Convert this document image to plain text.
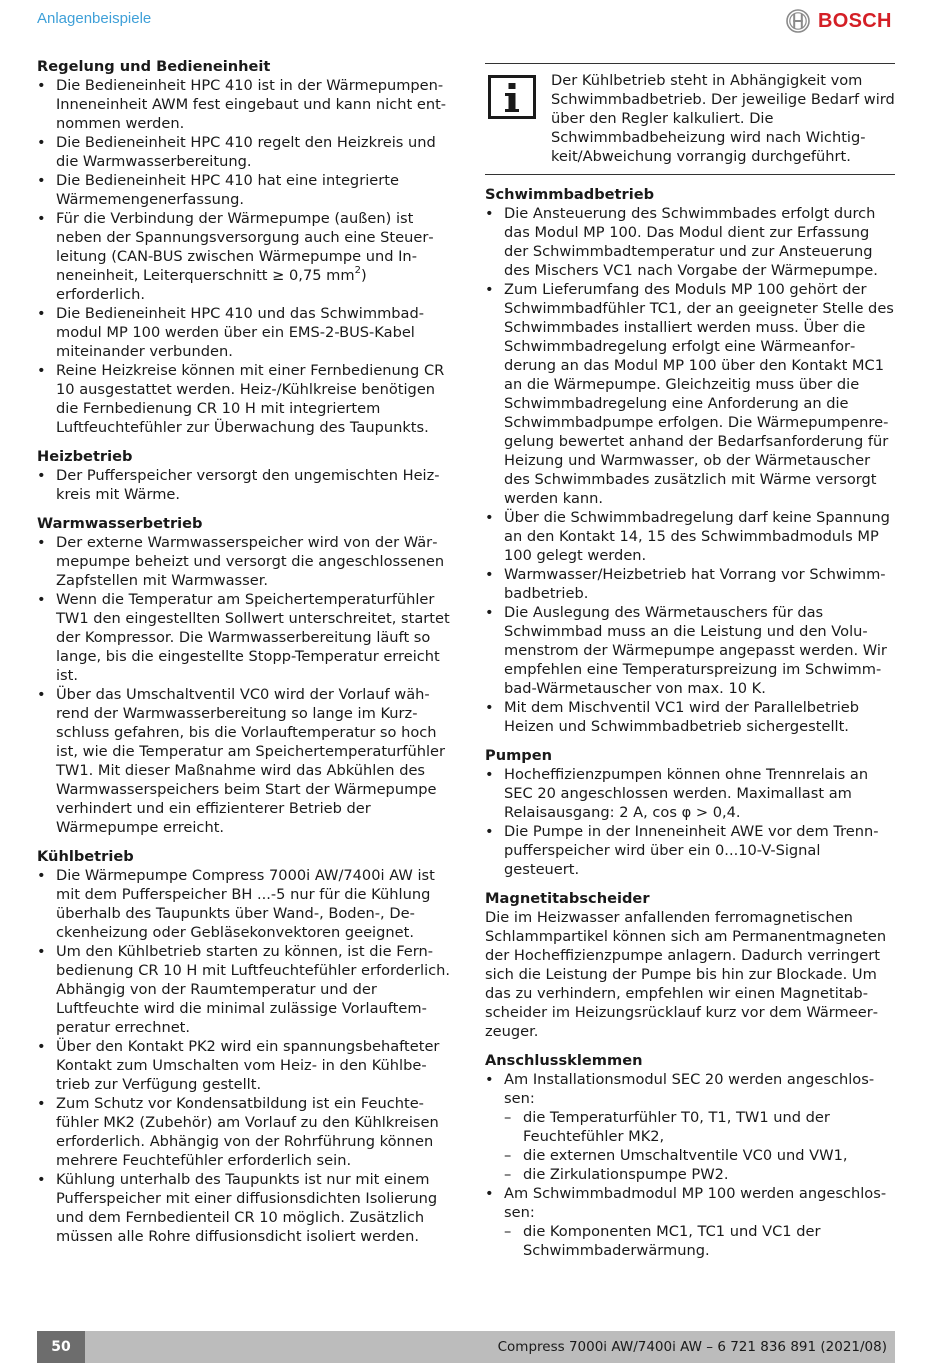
Anlagenbeispiele	BOSCH
Regelung und Bedieneinheit
• Die Bedieneinheit HPC 410 ist in der Wärmepumpen-Inneneinheit AWM fest eingebaut und kann nicht entnommen werden.
• Die Bedieneinheit HPC 410 regelt den Heizkreis und die Warmwasserbereitung.
• Die Bedieneinheit HPC 410 hat eine integrierte Wärmemengenerfassung.
• Für die Verbindung der Wärmepumpe (außen) ist neben der Spannungsversorgung auch eine Steuerleitung (CAN-BUS zwischen Wärmepumpe und Inneneinheit, Leiterquerschnitt ≥ 0,75 $mm^2$) erforderlich.
• Die Bedieneinheit HPC 410 und das Schwimmbadmodul MP 100 werden über ein EMS-2-BUS-Kabel miteinander verbunden.
• Reine Heizkreise können mit einer Fernbedienung CR 10 ausgestattet werden. Heiz-/Kühlkreise benötigen die Fernbedienung CR 10 H mit integriertem Luftfeuchtefühler zur Überwachung des Taupunkts.
Heizbetrieb
• Der Pufferspeicher versorgt den ungemischten Heizkreis mit Wärme.
Warmwasserbetrieb
• Der externe Warmwasserspeicher wird von der Wärmepumpe beheizt und versorgt die angeschlossenen Zapfstellen mit Warmwasser.
• Wenn die Temperatur am Speichertemperaturfühler TW1 den eingestellten Sollwert unterschreitet, startet der Kompressor. Die Warmwasserbereitung läuft so lange, bis die eingestellte Stopp-Temperatur erreicht ist.
• Über das Umschaltventil VC0 wird der Vorlauf während der Warmwasserbereitung so lange im Kurzschluss gefahren, bis die Vorlauftemperatur so hoch ist, wie die Temperatur am Speichertemperaturfühler TW1. Mit dieser Maßnahme wird das Abkühlen des Warmwasserspeichers beim Start der Wärmepumpe verhindert und ein effizienterer Betrieb der Wärmepumpe erreicht.
Kühlbetrieb
• Die Wärmepumpe Compress 7000i AW/7400i AW ist mit dem Pufferspeicher BH ...-5 nur für die Kühlung überhalb des Taupunkts über Wand-, Boden-, Deckenheizung oder Gebläsekonvektoren geeignet.
• Um den Kühlbetrieb starten zu können, ist die Fernbedienung CR 10 H mit Luftfeuchtefühler erforderlich. Abhängig von der Raumtemperatur und der Luftfeuchte wird die minimal zulässige Vorlauftemperatur errechnet.
• Über den Kontakt PK2 wird ein spannungsbehafteter Kontakt zum Umschalten vom Heiz- in den Kühlbetrieb zur Verfügung gestellt.
• Zum Schutz vor Kondensatbildung ist ein Feuchtefühler MK2 (Zubehör) am Vorlauf zu den Kühlkreisen erforderlich. Abhängig von der Rohrführung können mehrere Feuchtefühler erforderlich sein.
• Kühlung unterhalb des Taupunkts ist nur mit einem Pufferspeicher mit einer diffusionsdichten Isolierung und dem Fernbedienteil CR 10 möglich. Zusätzlich müssen alle Rohre diffusionsdicht isoliert werden.

Der Kühlbetrieb steht in Abhängigkeit vom Schwimmbadbetrieb. Der jeweilige Bedarf wird über den Regler kalkuliert. Die Schwimmbadbeheizung wird nach Wichtigkeit/Abweichung vorrangig durchgeführt.

Schwimmbadbetrieb
• Die Ansteuerung des Schwimmbades erfolgt durch das Modul MP 100. Das Modul dient zur Erfassung der Schwimmbadtemperatur und zur Ansteuerung des Mischers VC1 nach Vorgabe der Wärmepumpe.
• Zum Lieferumfang des Moduls MP 100 gehört der Schwimmbadfühler TC1, der an geeigneter Stelle des Schwimmbades installiert werden muss. Über die Schwimmbadregelung erfolgt eine Wärmeanforderung an das Modul MP 100 über den Kontakt MC1 an die Wärmepumpe. Gleichzeitig muss über die Schwimmbadregelung eine Anforderung an die Schwimmbadpumpe erfolgen. Die Wärmepumpenregelung bewertet anhand der Bedarfsanforderung für Heizung und Warmwasser, ob der Wärmetauscher des Schwimmbades zusätzlich mit Wärme versorgt werden kann.
• Über die Schwimmbadregelung darf keine Spannung an den Kontakt 14, 15 des Schwimmbadmoduls MP 100 gelegt werden.
• Warmwasser/Heizbetrieb hat Vorrang vor Schwimmbadbetrieb.
• Die Auslegung des Wärmetauschers für das Schwimmbad muss an die Leistung und den Volumenstrom der Wärmepumpe angepasst werden. Wir empfehlen eine Temperaturspreizung im Schwimmbad-Wärmetauscher von max. 10 K.
• Mit dem Mischventil VC1 wird der Parallelbetrieb Heizen und Schwimmbadbetrieb sichergestellt.
Pumpen
• Hocheffizienzpumpen können ohne Trennrelais an SEC 20 angeschlossen werden. Maximallast am Relaisausgang: 2 A, cos φ > 0,4.
• Die Pumpe in der Inneneinheit AWE vor dem Trennpufferspeicher wird über ein 0...10-V-Signal gesteuert.
Magnetitabscheider

Die im Heizwasser anfallenden ferromagnetischen Schlammpartikel können sich am Permanentmagneten der Hocheffizienzpumpe anlagern. Dadurch verringert sich die Leistung der Pumpe bis hin zur Blockade. Um das zu verhindern, empfehlen wir einen Magnetitabscheider im Heizungsrücklauf kurz vor dem Wärmeerzeuger.

Anschlussklemmen
• Am Installationsmodul SEC 20 werden angeschlossen:
– die Temperaturfühler T0, T1, TW1 und der Feuchtefühler MK2,
– die externen Umschaltventile VC0 und VW1,
– die Zirkulationspumpe PW2.
• Am Schwimmbadmodul MP 100 werden angeschlossen:
– die Komponenten MC1, TC1 und VC1 der Schwimmbaderwärmung.
50	Compress 7000i AW/7400i AW – 6 721 836 891 (2021/08)
